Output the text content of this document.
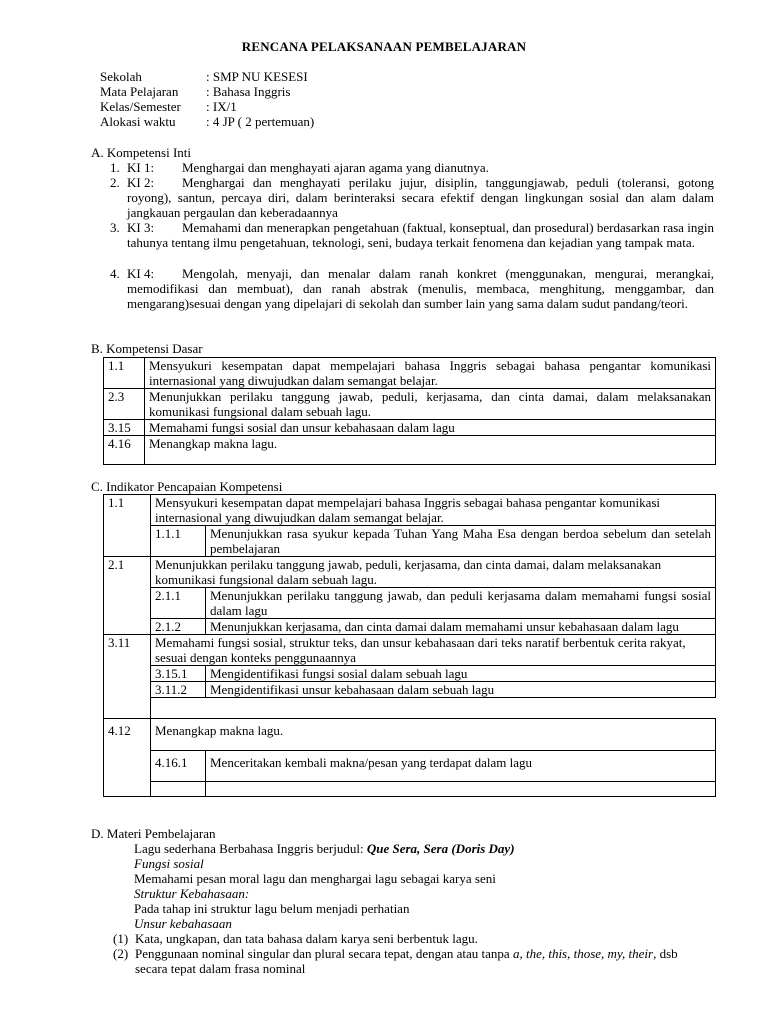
RENCANA PELAKSANAAN PEMBELAJARAN
Sekolah	: SMP NU KESESI
Mata Pelajaran : Bahasa Inggris
Kelas/Semester : IX/1
Alokasi waktu : 4 JP ( 2 pertemuan)
A. Kompetensi Inti
1. KI 1: Menghargai dan menghayati ajaran agama yang dianutnya.
2. KI 2: Menghargai dan menghayati perilaku jujur, disiplin, tanggungjawab, peduli (toleransi, gotong royong), santun, percaya diri, dalam berinteraksi secara efektif dengan lingkungan sosial dan alam dalam jangkauan pergaulan dan keberadaannya
3. KI 3: Memahami dan menerapkan pengetahuan (faktual, konseptual, dan prosedural) berdasarkan rasa ingin tahunya tentang ilmu pengetahuan, teknologi, seni, budaya terkait fenomena dan kejadian yang tampak mata.
4. KI 4: Mengolah, menyaji, dan menalar dalam ranah konkret (menggunakan, mengurai, merangkai, memodifikasi dan membuat), dan ranah abstrak (menulis, membaca, menghitung, menggambar, dan mengarang)sesuai dengan yang dipelajari di sekolah dan sumber lain yang sama dalam sudut pandang/teori.
B. Kompetensi Dasar
1.1	Mensyukuri kesempatan dapat mempelajari bahasa Inggris sebagai bahasa pengantar komunikasi internasional yang diwujudkan dalam semangat belajar.
2.3	Menunjukkan perilaku tanggung jawab, peduli, kerjasama, dan cinta damai, dalam melaksanakan komunikasi fungsional dalam sebuah lagu.
3.15	Memahami fungsi sosial dan unsur kebahasaan dalam lagu
4.16	Menangkap makna lagu.
C. Indikator Pencapaian Kompetensi
1.1	Mensyukuri kesempatan dapat mempelajari bahasa Inggris sebagai bahasa pengantar komunikasi internasional yang diwujudkan dalam semangat belajar.	
	1.1.1	Menunjukkan rasa syukur kepada Tuhan Yang Maha Esa dengan berdoa sebelum dan setelah pembelajaran
2.1	Menunjukkan perilaku tanggung jawab, peduli, kerjasama, dan cinta damai, dalam melaksanakan komunikasi fungsional dalam sebuah lagu.	
	2.1.1	Menunjukkan perilaku tanggung jawab, dan peduli kerjasama dalam memahami fungsi sosial dalam lagu
	2.1.2	Menunjukkan kerjasama, dan cinta damai dalam memahami unsur kebahasaan dalam lagu
3.11	Memahami fungsi sosial, struktur teks, dan unsur kebahasaan dari teks naratif berbentuk cerita rakyat, sesuai dengan konteks penggunaannya	
	3.15.1	Mengidentifikasi fungsi sosial dalam sebuah lagu
	3.11.2	Mengidentifikasi unsur kebahasaan dalam sebuah lagu

4.12	Menangkap makna lagu.	
	4.16.1	Menceritakan kembali makna/pesan yang terdapat dalam lagu

D. Materi Pembelajaran
Lagu sederhana Berbahasa Inggris berjudul: Que Sera, Sera (Doris Day)
Fungsi sosial
Memahami pesan moral lagu dan menghargai lagu sebagai karya seni
Struktur Kebahasaan:
Pada tahap ini struktur lagu belum menjadi perhatian
Unsur kebahasaan
(1) Kata, ungkapan, dan tata bahasa dalam karya seni berbentuk lagu.
(2) Penggunaan nominal singular dan plural secara tepat, dengan atau tanpa a, the, this, those, my, their, dsb secara tepat dalam frasa nominal
